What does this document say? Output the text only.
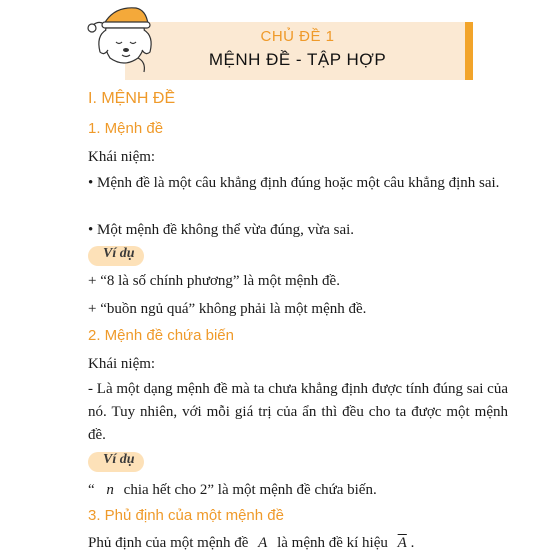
CHỦ ĐỀ 1
MỆNH ĐỀ - TẬP HỢP
I. MỆNH ĐỀ
1. Mệnh đề
Khái niệm:
• Mệnh đề là một câu khẳng định đúng hoặc một câu khẳng định sai.
• Một mệnh đề không thể vừa đúng, vừa sai.
Ví dụ
+ “8 là số chính phương” là một mệnh đề.
+ “buồn ngủ quá” không phải là một mệnh đề.
2. Mệnh đề chứa biến
Khái niệm:
- Là một dạng mệnh đề mà ta chưa khẳng định được tính đúng sai của nó. Tuy nhiên, với mỗi giá trị của ẩn thì đều cho ta được một mệnh đề.
Ví dụ
“ n chia hết cho 2” là một mệnh đề chứa biến.
3. Phủ định của một mệnh đề
Phủ định của một mệnh đề A là mệnh đề kí hiệu $\overline{A}$ .
